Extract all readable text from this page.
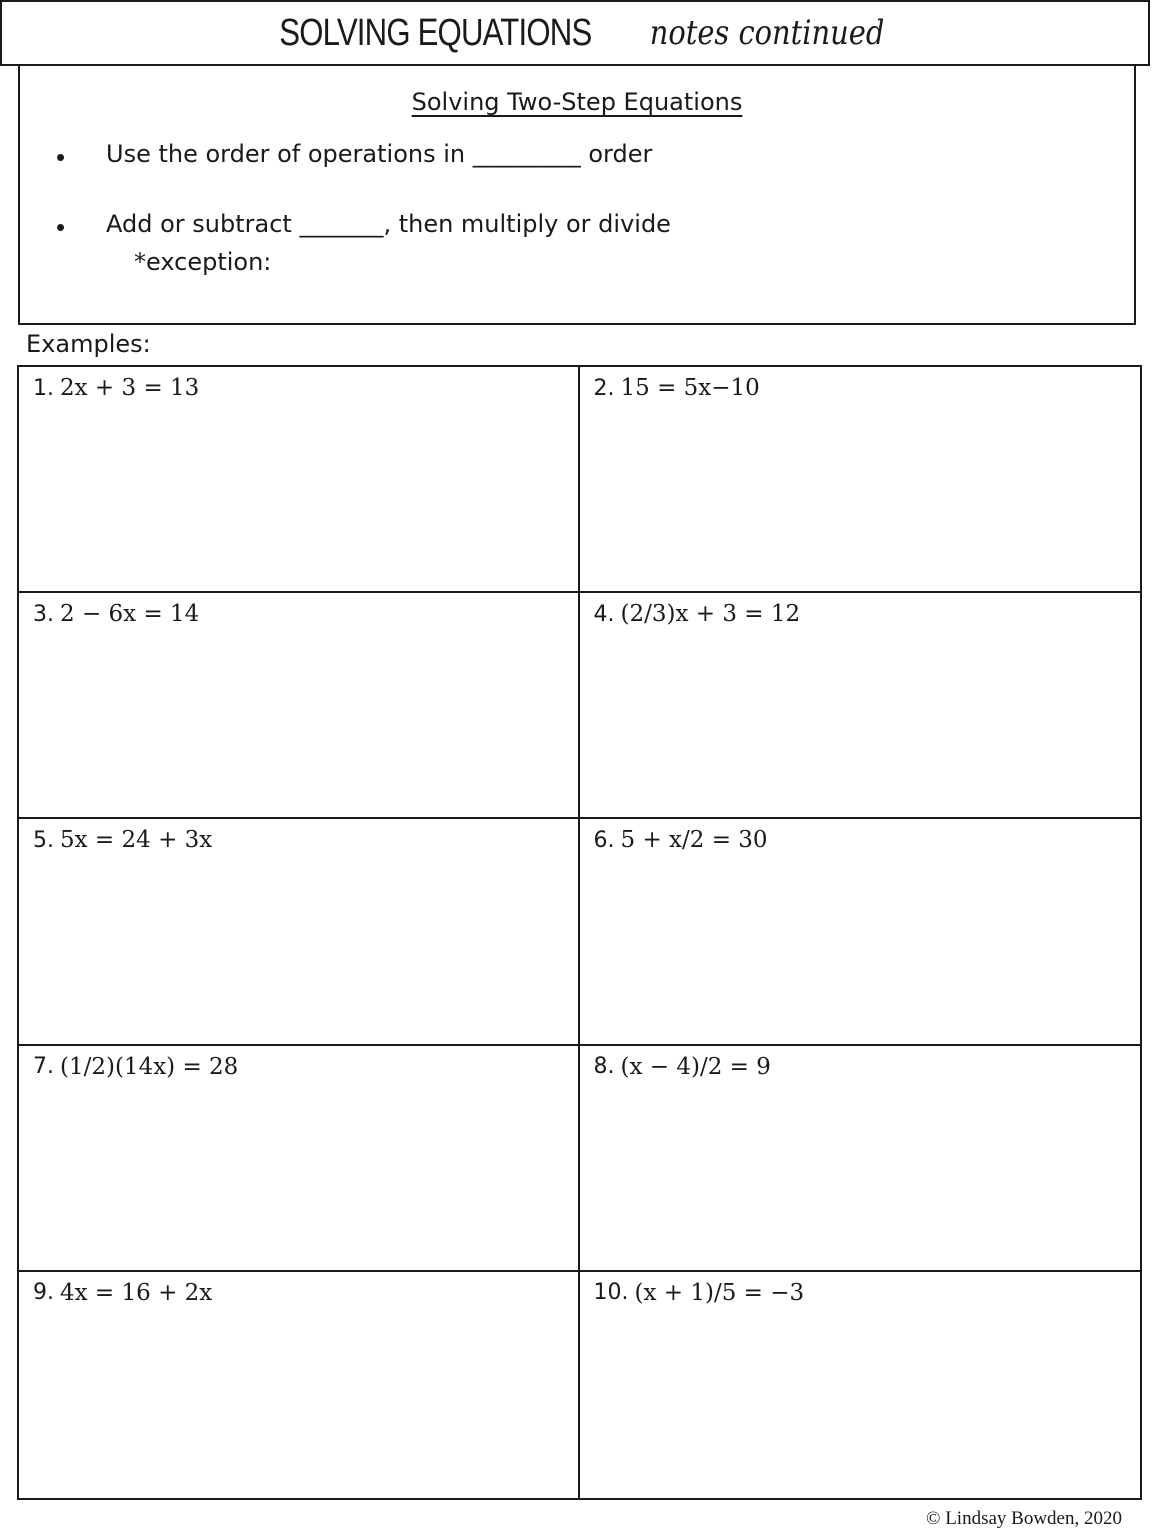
SOLVING EQUATIONS notes continued
Solving Two-Step Equations
• Use the order of operations in _________ order
• Add or subtract _______, then multiply or divide
*exception:
Examples:
1. 2x + 3 = 13	2. 15 = 5x−10
3. 2 − 6x = 14	4. (2/3)x + 3 = 12
5. 5x = 24 + 3x	6. 5 + x/2 = 30
7. (1/2)(14x) = 28	8. (x − 4)/2 = 9
9. 4x = 16 + 2x	10. (x + 1)/5 = −3
© Lindsay Bowden, 2020
